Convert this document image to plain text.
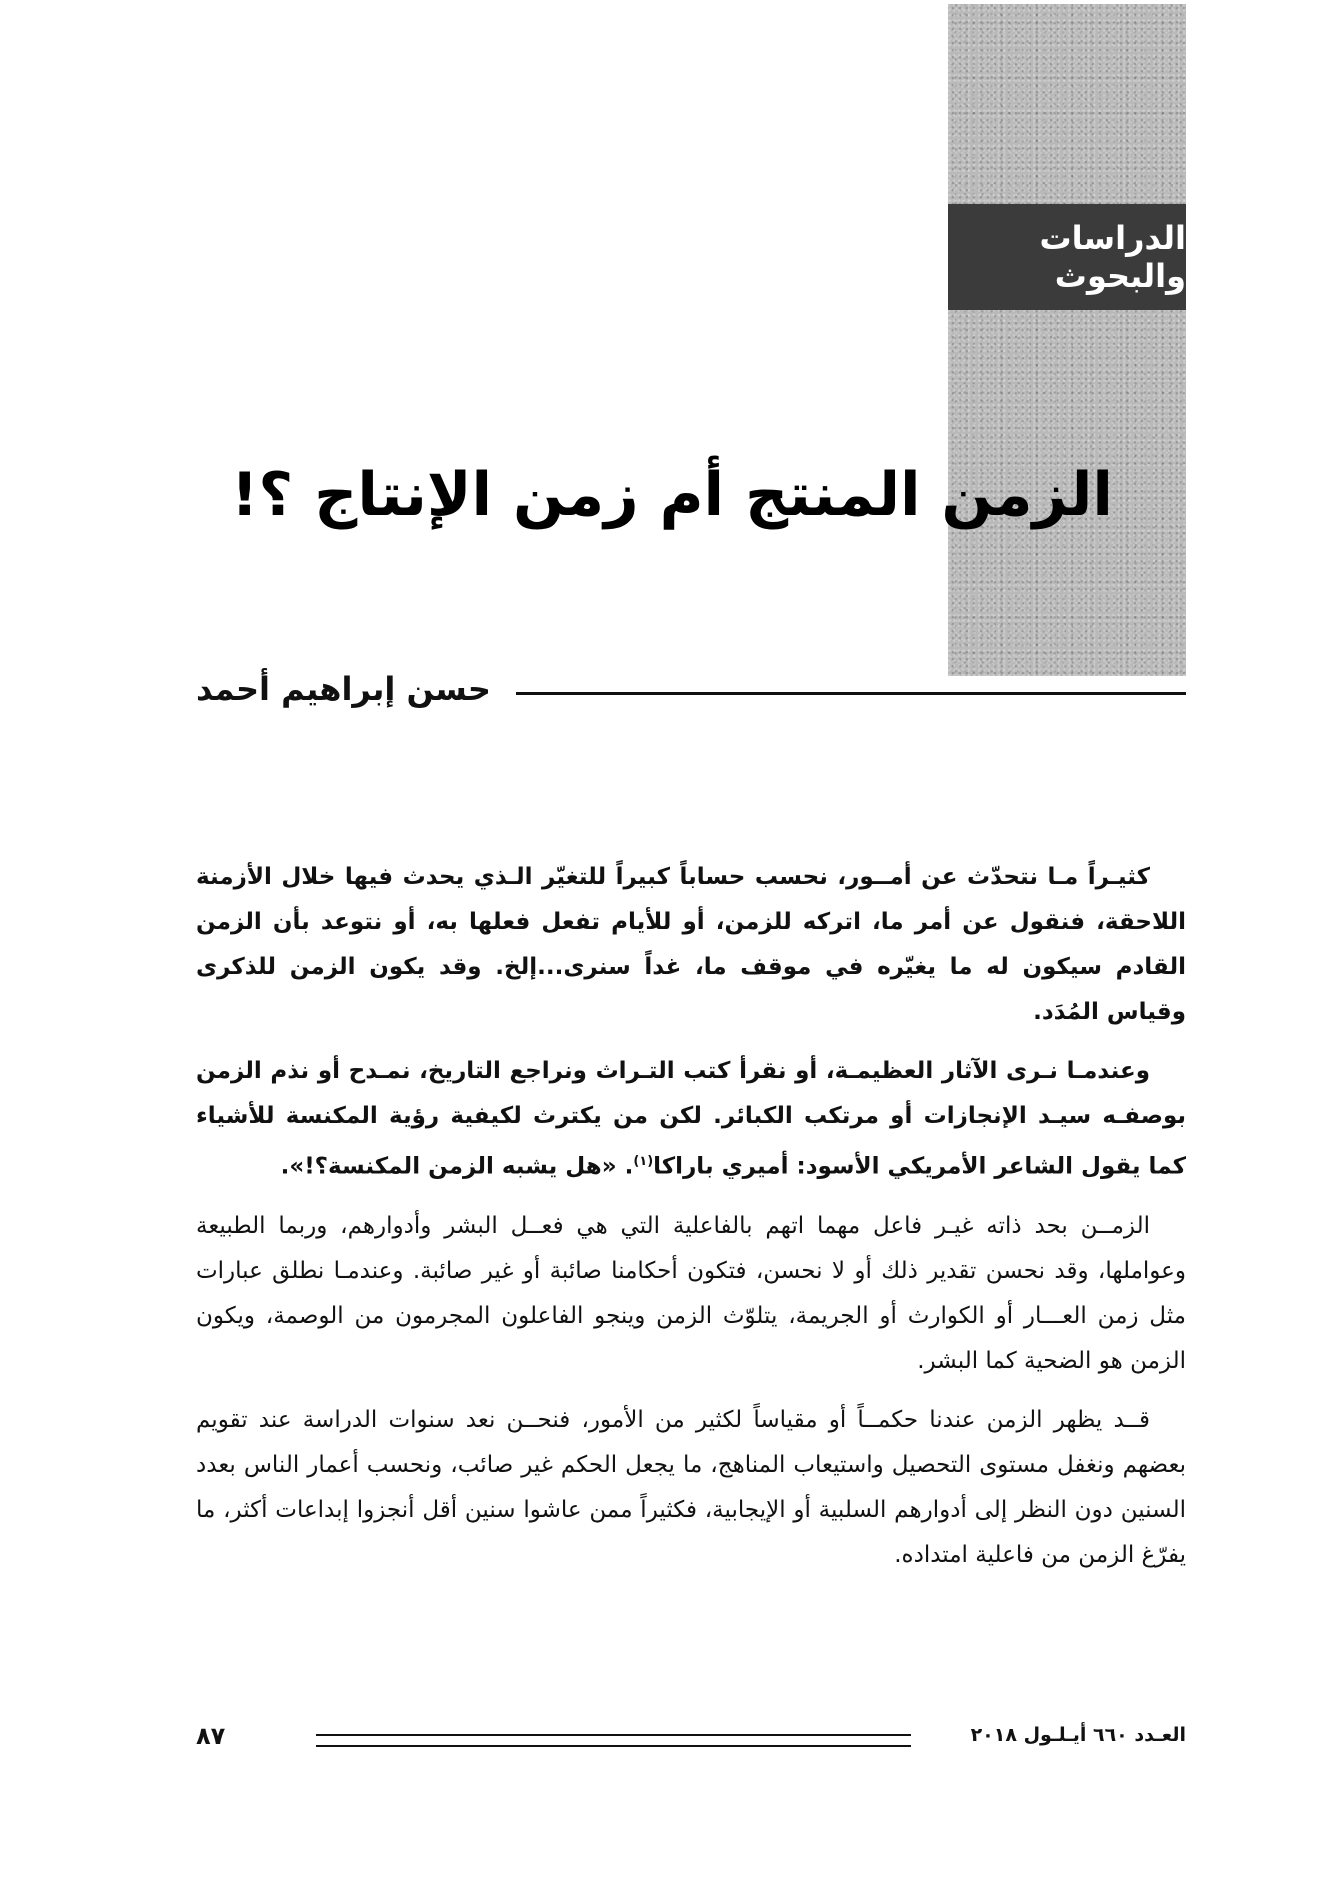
الدراسات والبحوث
الزمن المنتج أم زمن الإنتاج ؟!
حسن إبراهيم أحمد

كثيـراً مـا نتحدّث عن أمــور، نحسب حساباً كبيراً للتغيّر الـذي يحدث فيها خلال الأزمنة اللاحقة، فنقول عن أمر ما، اتركه للزمن، أو للأيام تفعل فعلها به، أو نتوعد بأن الزمن القادم سيكون له ما يغيّره في موقف ما، غداً سنرى...إلخ. وقد يكون الزمن للذكرى وقياس المُدَد.

وعندمـا نـرى الآثار العظيمـة، أو نقرأ كتب التـراث ونراجع التاريخ، نمـدح أو نذم الزمن بوصفـه سيـد الإنجازات أو مرتكب الكبائر. لكن من يكترث لكيفية رؤية المكنسة للأشياء كما يقول الشاعر الأمريكي الأسود: أميري باراكا$^{(١)}$. «هل يشبه الزمن المكنسة؟!».

الزمــن بحد ذاته غيـر فاعل مهما اتهم بالفاعلية التي هي فعــل البشر وأدوارهم، وربما الطبيعة وعواملها، وقد نحسن تقدير ذلك أو لا نحسن، فتكون أحكامنا صائبة أو غير صائبة. وعندمـا نطلق عبارات مثل زمن العـــار أو الكوارث أو الجريمة، يتلوّث الزمن وينجو الفاعلون المجرمون من الوصمة، ويكون الزمن هو الضحية كما البشر.

قــد يظهر الزمن عندنا حكمــاً أو مقياساً لكثير من الأمور، فنحــن نعد سنوات الدراسة عند تقويم بعضهم ونغفل مستوى التحصيل واستيعاب المناهج، ما يجعل الحكم غير صائب، ونحسب أعمار الناس بعدد السنين دون النظر إلى أدوارهم السلبية أو الإيجابية، فكثيراً ممن عاشوا سنين أقل أنجزوا إبداعات أكثر، ما يفرّغ الزمن من فاعلية امتداده.

العـدد ٦٦٠ أيـلـول ٢٠١٨
٨٧
